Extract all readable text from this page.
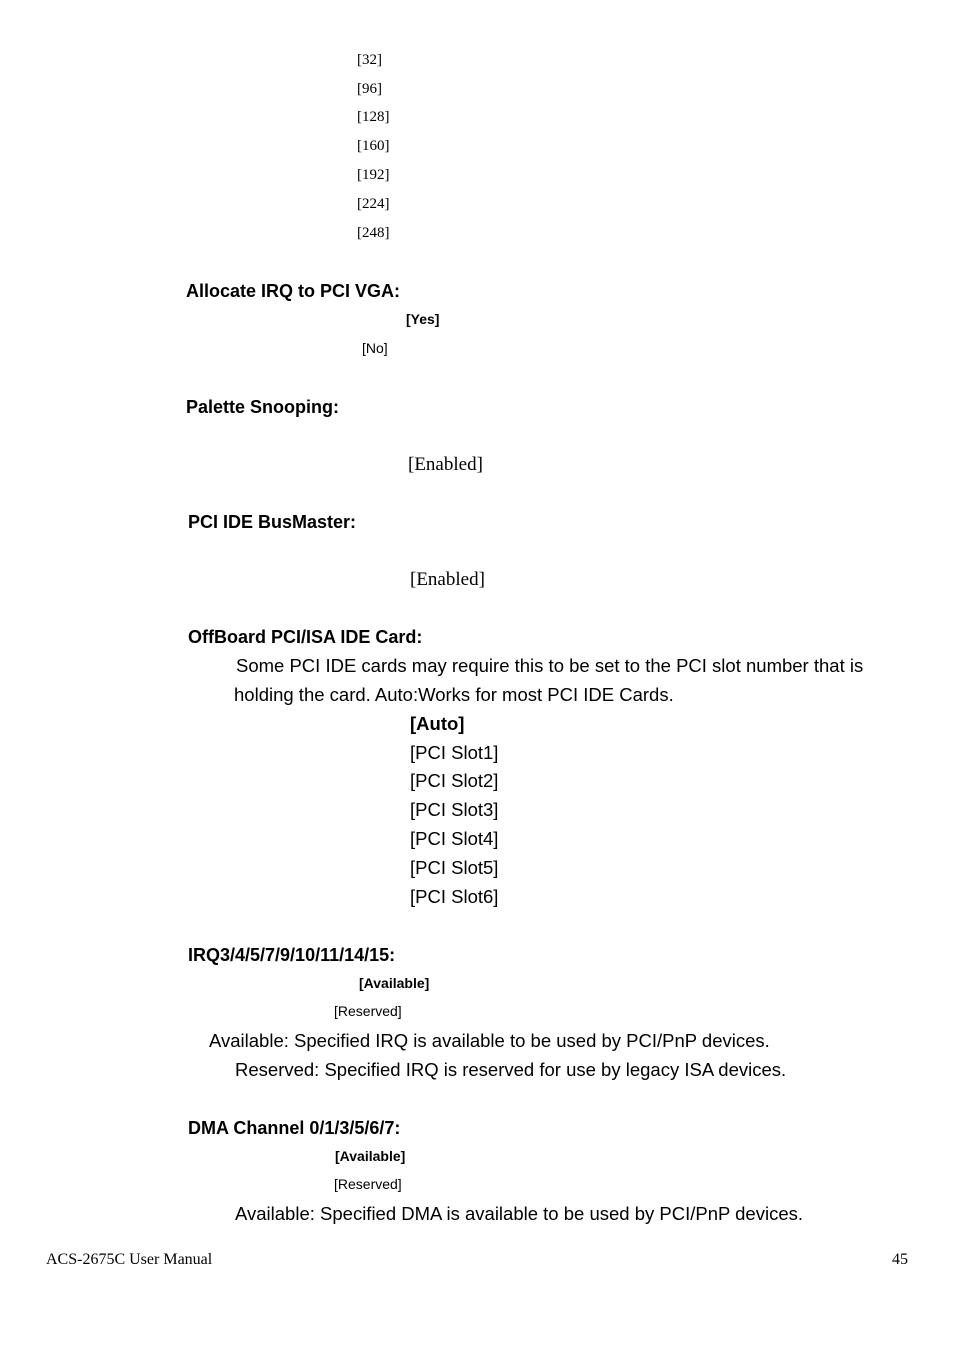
[32]
[96]
[128]
[160]
[192]
[224]
[248]
Allocate IRQ to PCI VGA:
[Yes]
[No]
Palette Snooping:
[Enabled]
PCI IDE BusMaster:
[Enabled]
OffBoard PCI/ISA IDE Card:
Some PCI IDE cards may require this to be set to the PCI slot number that is
holding the card. Auto:Works for most PCI IDE Cards.
[Auto]
[PCI Slot1]
[PCI Slot2]
[PCI Slot3]
[PCI Slot4]
[PCI Slot5]
[PCI Slot6]
IRQ3/4/5/7/9/10/11/14/15:
[Available]
[Reserved]
Available: Specified IRQ is available to be used by PCI/PnP devices.
Reserved: Specified IRQ is reserved for use by legacy ISA devices.
DMA Channel 0/1/3/5/6/7:
[Available]
[Reserved]
Available: Specified DMA is available to be used by PCI/PnP devices.
ACS-2675C User Manual	45
